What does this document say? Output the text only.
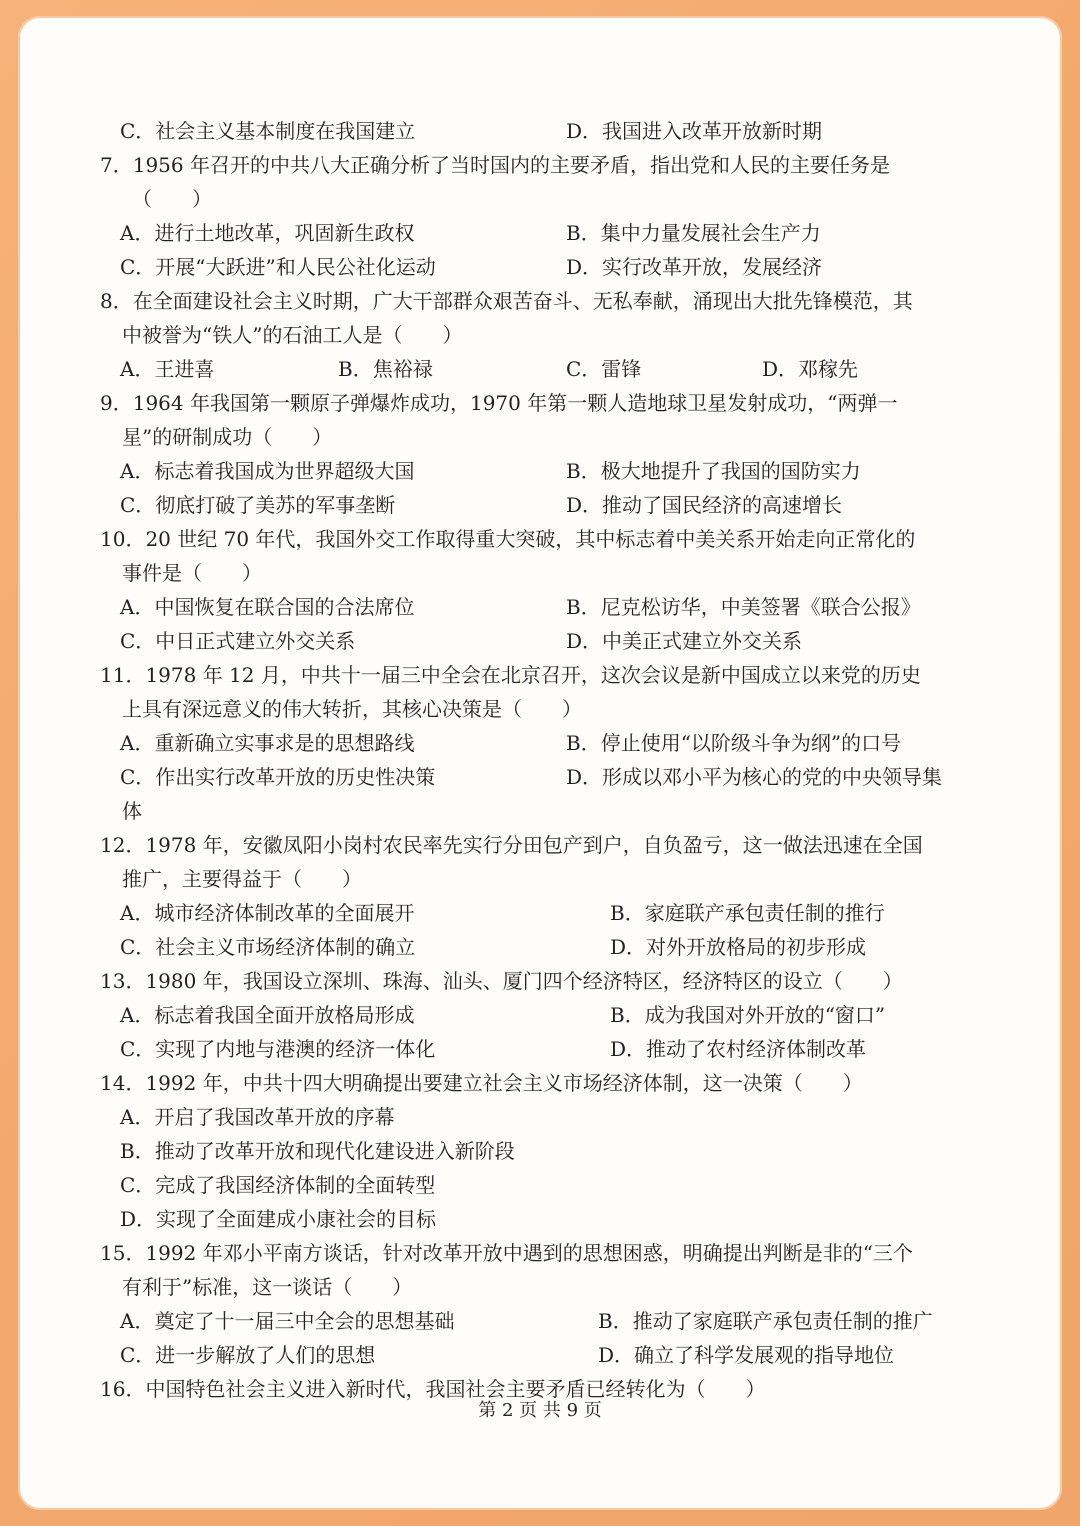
C．社会主义基本制度在我国建立	D．我国进入改革开放新时期
7．1956 年召开的中共八大正确分析了当时国内的主要矛盾，指出党和人民的主要任务是
（　　）
A．进行土地改革，巩固新生政权	B．集中力量发展社会生产力
C．开展“大跃进”和人民公社化运动	D．实行改革开放，发展经济
8．在全面建设社会主义时期，广大干部群众艰苦奋斗、无私奉献，涌现出大批先锋模范，其
中被誉为“铁人”的石油工人是（　　）
A．王进喜	B．焦裕禄	C．雷锋	D．邓稼先
9．1964 年我国第一颗原子弹爆炸成功，1970 年第一颗人造地球卫星发射成功，“两弹一
星”的研制成功（　　）
A．标志着我国成为世界超级大国	B．极大地提升了我国的国防实力
C．彻底打破了美苏的军事垄断	D．推动了国民经济的高速增长
10．20 世纪 70 年代，我国外交工作取得重大突破，其中标志着中美关系开始走向正常化的
事件是（　　）
A．中国恢复在联合国的合法席位	B．尼克松访华，中美签署《联合公报》
C．中日正式建立外交关系	D．中美正式建立外交关系
11．1978 年 12 月，中共十一届三中全会在北京召开，这次会议是新中国成立以来党的历史
上具有深远意义的伟大转折，其核心决策是（　　）
A．重新确立实事求是的思想路线	B．停止使用“以阶级斗争为纲”的口号
C．作出实行改革开放的历史性决策	D．形成以邓小平为核心的党的中央领导集
体
12．1978 年，安徽凤阳小岗村农民率先实行分田包产到户，自负盈亏，这一做法迅速在全国
推广，主要得益于（　　）
A．城市经济体制改革的全面展开	B．家庭联产承包责任制的推行
C．社会主义市场经济体制的确立	D．对外开放格局的初步形成
13．1980 年，我国设立深圳、珠海、汕头、厦门四个经济特区，经济特区的设立（　　）
A．标志着我国全面开放格局形成	B．成为我国对外开放的“窗口”
C．实现了内地与港澳的经济一体化	D．推动了农村经济体制改革
14．1992 年，中共十四大明确提出要建立社会主义市场经济体制，这一决策（　　）
A．开启了我国改革开放的序幕
B．推动了改革开放和现代化建设进入新阶段
C．完成了我国经济体制的全面转型
D．实现了全面建成小康社会的目标
15．1992 年邓小平南方谈话，针对改革开放中遇到的思想困惑，明确提出判断是非的“三个
有利于”标准，这一谈话（　　）
A．奠定了十一届三中全会的思想基础	B．推动了家庭联产承包责任制的推广
C．进一步解放了人们的思想	D．确立了科学发展观的指导地位
16．中国特色社会主义进入新时代，我国社会主要矛盾已经转化为（　　）
第 2 页 共 9 页
